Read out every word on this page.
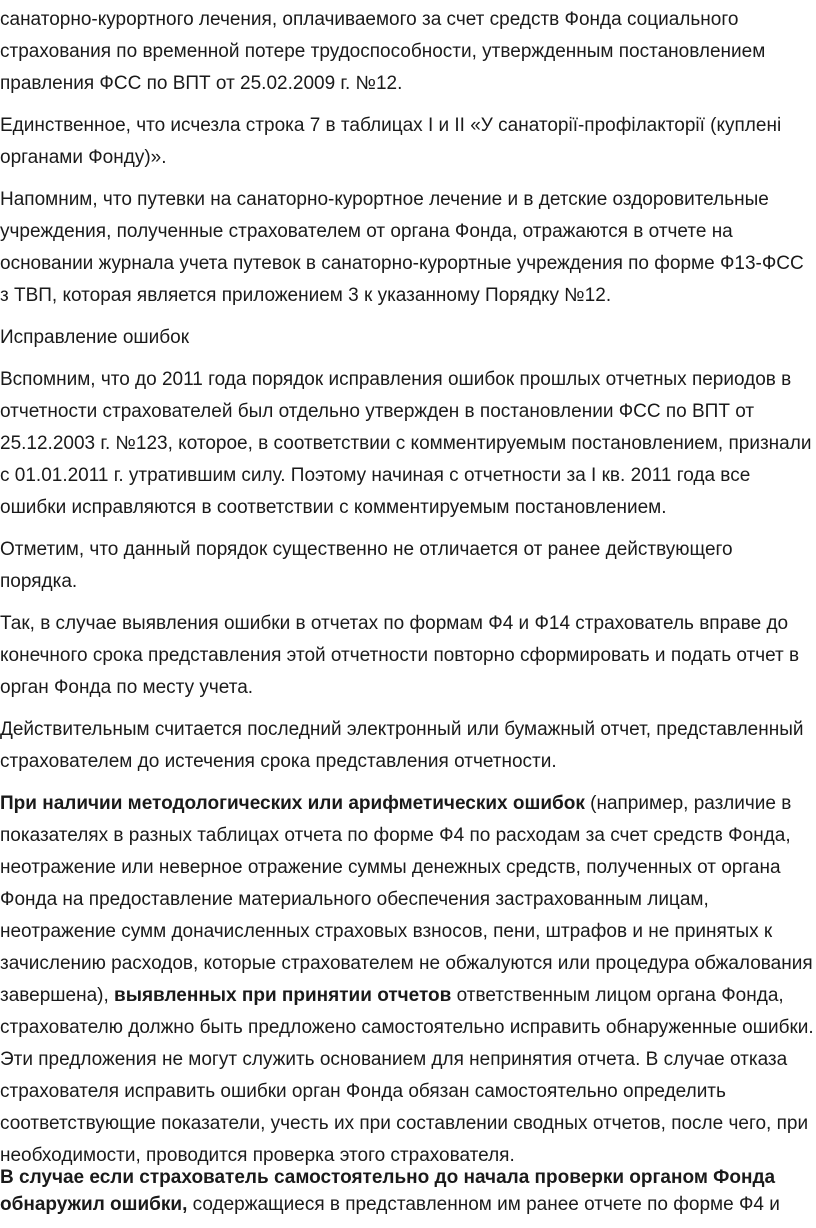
санаторно-курортного лечения, оплачиваемого за счет средств Фонда социального страхования по временной потере трудоспособности, утвержденным постановлением правления ФСС по ВПТ от 25.02.2009 г. №12.

Единственное, что исчезла строка 7 в таблицах I и II «У санаторії-профілакторії (куплені органами Фонду)».

Напомним, что путевки на санаторно-курортное лечение и в детские оздоровительные учреждения, полученные страхователем от органа Фонда, отражаются в отчете на основании журнала учета путевок в санаторно-курортные учреждения по форме Ф13-ФСС з ТВП, которая является приложением 3 к указанному Порядку №12.

Исправление ошибок

Вспомним, что до 2011 года порядок исправления ошибок прошлых отчетных периодов в отчетности страхователей был отдельно утвержден в постановлении ФСС по ВПТ от 25.12.2003 г. №123, которое, в соответствии с комментируемым постановлением, признали с 01.01.2011 г. утратившим силу. Поэтому начиная с отчетности за I кв. 2011 года все ошибки исправляются в соответствии с комментируемым постановлением.

Отметим, что данный порядок существенно не отличается от ранее действующего порядка.

Так, в случае выявления ошибки в отчетах по формам Ф4 и Ф14 страхователь вправе до конечного срока представления этой отчетности повторно сформировать и подать отчет в орган Фонда по месту учета.

Действительным считается последний электронный или бумажный отчет, представленный страхователем до истечения срока представления отчетности.

При наличии методологических или арифметических ошибок (например, различие в показателях в разных таблицах отчета по форме Ф4 по расходам за счет средств Фонда, неотражение или неверное отражение суммы денежных средств, полученных от органа Фонда на предоставление материального обеспечения застрахованным лицам, неотражение сумм доначисленных страховых взносов, пени, штрафов и не принятых к зачислению расходов, которые страхователем не обжалуются или процедура обжалования завершена), выявленных при принятии отчетов ответственным лицом органа Фонда, страхователю должно быть предложено самостоятельно исправить обнаруженные ошибки. Эти предложения не могут служить основанием для непринятия отчета. В случае отказа страхователя исправить ошибки орган Фонда обязан самостоятельно определить соответствующие показатели, учесть их при составлении сводных отчетов, после чего, при необходимости, проводится проверка этого страхователя.

В случае если страхователь самостоятельно до начала проверки органом Фонда обнаружил ошибки, содержащиеся в представленном им ранее отчете по форме Ф4 и
